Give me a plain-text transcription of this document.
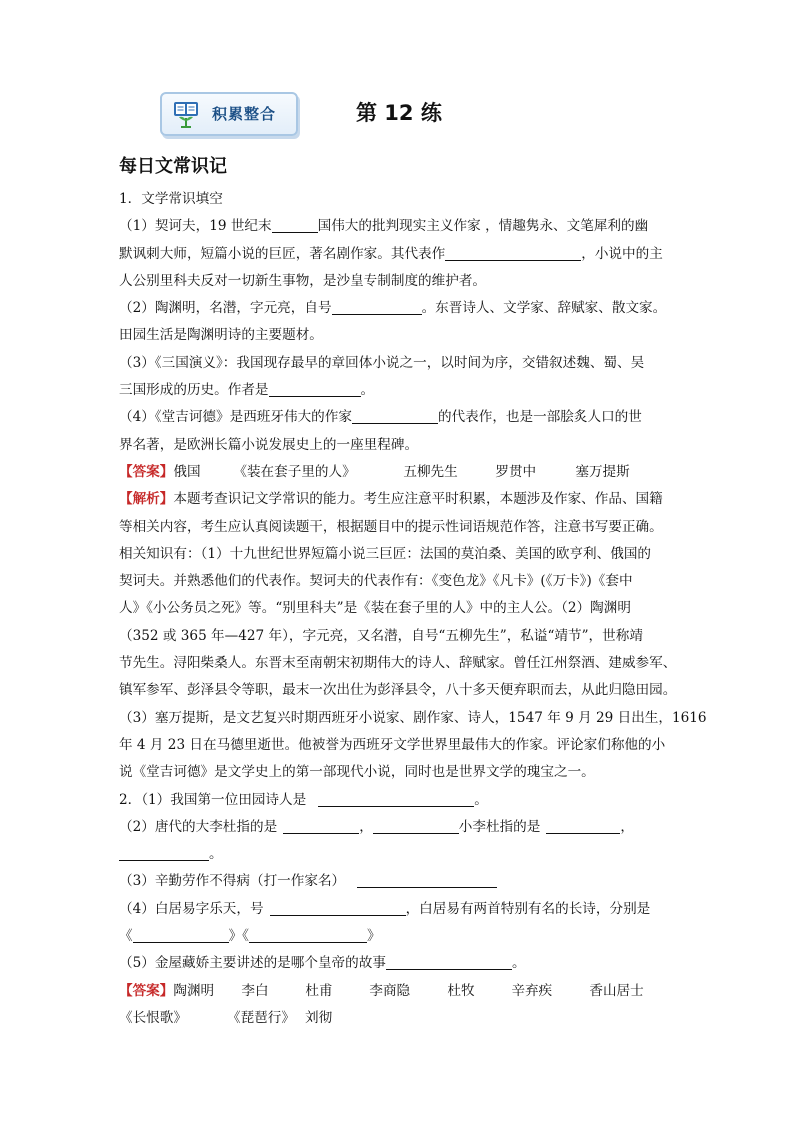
积累整合	第 12 练
每日文常识记

1．文学常识填空

（1）契诃夫，19 世纪末	国伟大的批判现实主义作家 ，情趣隽永、文笔犀利的幽

默讽刺大师，短篇小说的巨匠，著名剧作家。其代表作	，小说中的主

人公别里科夫反对一切新生事物，是沙皇专制制度的维护者。

（2）陶渊明，名潜，字元亮，自号	。东晋诗人、文学家、辞赋家、散文家。

田园生活是陶渊明诗的主要题材。

（3）《三国演义》：我国现存最早的章回体小说之一，以时间为序，交错叙述魏、蜀、吴

三国形成的历史。作者是	。

（4）《堂吉诃德》是西班牙伟大的作家	的代表作，也是一部脍炙人口的世

界名著，是欧洲长篇小说发展史上的一座里程碑。

【答案】俄国 《装在套子里的人》	五柳先生	罗贯中	塞万提斯

【解析】本题考查识记文学常识的能力。考生应注意平时积累，本题涉及作家、作品、国籍

等相关内容，考生应认真阅读题干，根据题目中的提示性词语规范作答，注意书写要正确。

相关知识有：（1）十九世纪世界短篇小说三巨匠：法国的莫泊桑、美国的欧亨利、俄国的

契诃夫。并熟悉他们的代表作。契诃夫的代表作有：《变色龙》《凡卡》(《万卡》)《套中

人》《小公务员之死》等。“别里科夫”是《装在套子里的人》中的主人公。（2）陶渊明

（352 或 365 年—427 年），字元亮，又名潜，自号“五柳先生”，私谥“靖节”，世称靖

节先生。浔阳柴桑人。东晋末至南朝宋初期伟大的诗人、辞赋家。曾任江州祭酒、建威参军、

镇军参军、彭泽县令等职，最末一次出仕为彭泽县令，八十多天便弃职而去，从此归隐田园。

（3）塞万提斯，是文艺复兴时期西班牙小说家、剧作家、诗人，1547 年 9 月 29 日出生，1616

年 4 月 23 日在马德里逝世。他被誉为西班牙文学世界里最伟大的作家。评论家们称他的小

说《堂吉诃德》是文学史上的第一部现代小说，同时也是世界文学的瑰宝之一。

2．（1）我国第一位田园诗人是	。

（2）唐代的大李杜指的是	，	小李杜指的是	，

。

（3）辛勤劳作不得病（打一作家名）

（4）白居易字乐天，号	，白居易有两首特别有名的长诗，分别是

《	》《	》

（5）金屋藏娇主要讲述的是哪个皇帝的故事	。

【答案】陶渊明 李白	杜甫	李商隐	杜牧	辛弃疾	香山居士

《长恨歌》	《琵琶行》 刘彻
